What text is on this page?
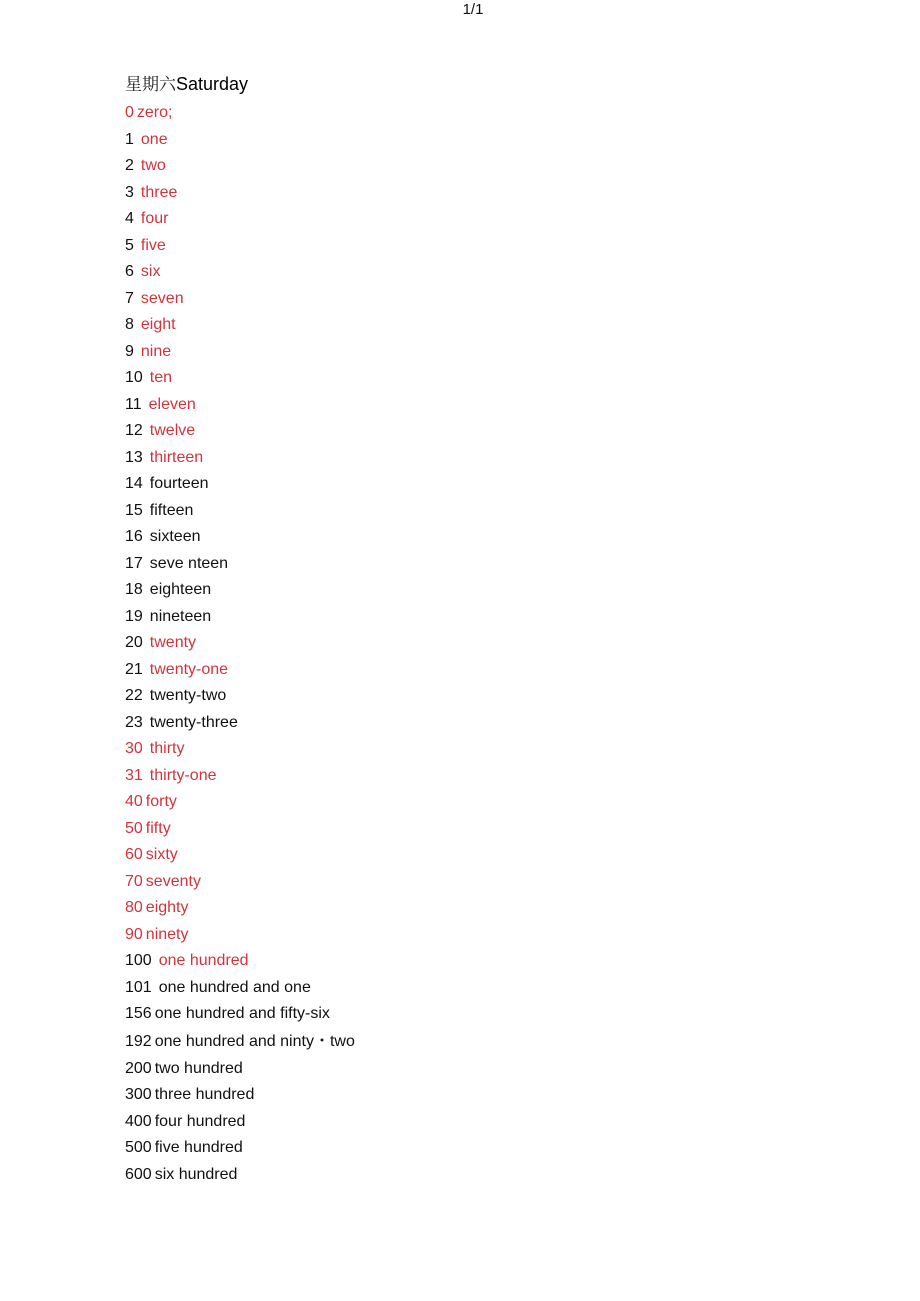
1/1
星期六Saturday
0 zero;
1 one
2 two
3 three
4 four
5 five
6 six
7 seven
8 eight
9 nine
10 ten
11 eleven
12 twelve
13 thirteen
14 fourteen
15 fifteen
16 sixteen
17 seve nteen
18 eighteen
19 nineteen
20 twenty
21 twenty-one
22 twenty-two
23 twenty-three
30 thirty
31 thirty-one
40 forty
50 fifty
60 sixty
70 seventy
80 eighty
90 ninety
100 one hundred
101 one hundred and one
156 one hundred and fifty-six
192 one hundred and ninty・two
200 two hundred
300 three hundred
400 four hundred
500 five hundred
600 six hundred
